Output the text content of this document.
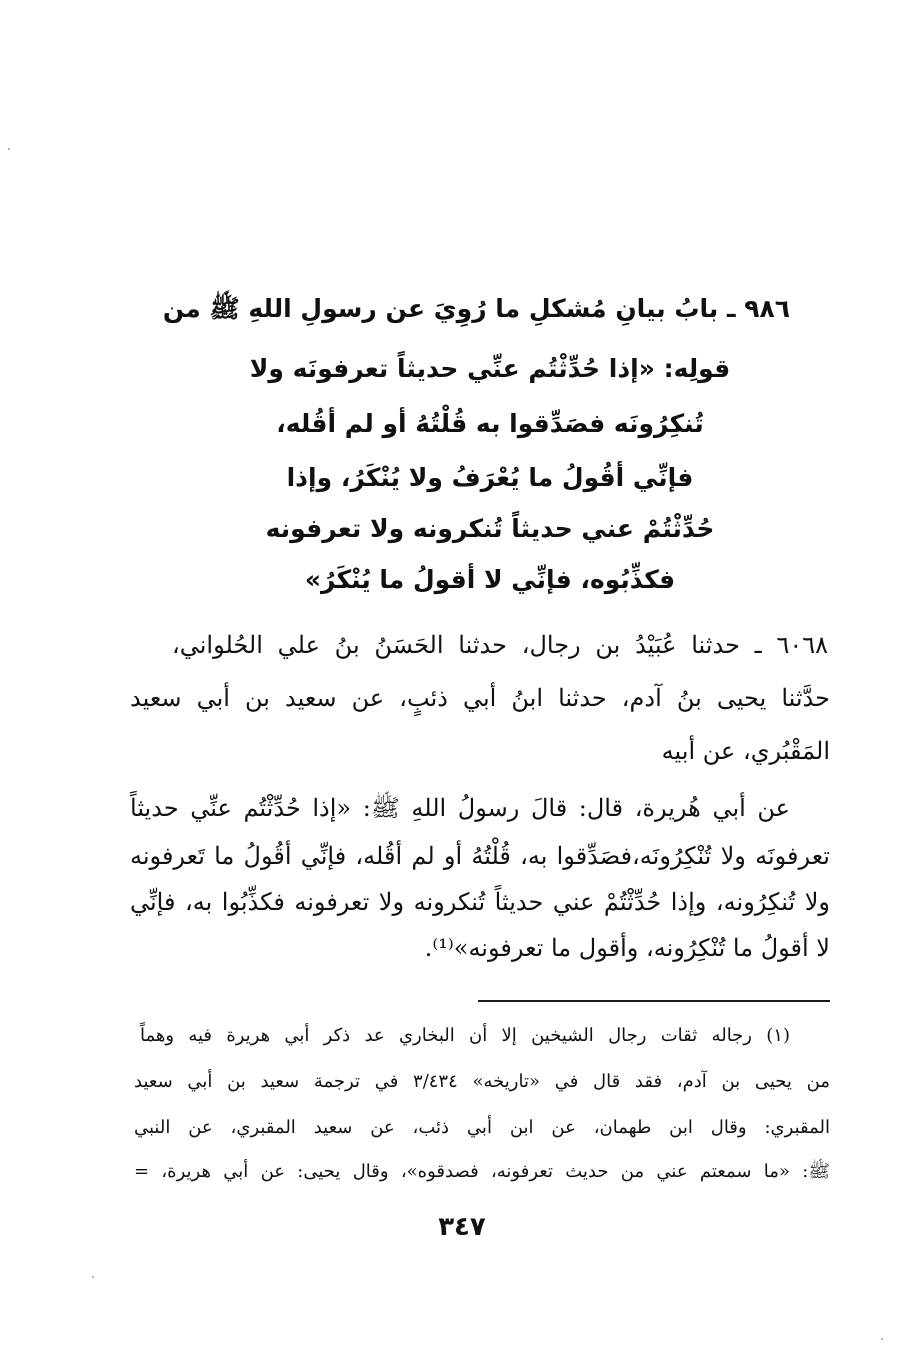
٩٨٦ ـ بابُ بيانِ مُشكلِ ما رُوِيَ عن رسولِ اللهِ ﷺ من
قولِه: «إذا حُدِّثْتُم عنِّي حديثاً تعرفونَه ولا
تُنكِرُونَه فصَدِّقوا به قُلْتُهُ أو لم أقُله،
فإنِّي أقُولُ ما يُعْرَفُ ولا يُنْكَرُ، وإذا
حُدِّثْتُمْ عني حديثاً تُنكرونه ولا تعرفونه
فكذِّبُوه، فإنِّي لا أقولُ ما يُنْكَرُ»
٦٠٦٨ ـ حدثنا عُبَيْدُ بن رجال، حدثنا الحَسَنُ بنُ علي الحُلواني،
حدَّثنا يحيى بنُ آدم، حدثنا ابنُ أبي ذئبٍ، عن سعيد بن أبي سعيد
المَقْبُري، عن أبيه
عن أبي هُريرة، قال: قالَ رسولُ اللهِ ﷺ: «إذا حُدِّثْتُم عنِّي حديثاً
تعرفونَه ولا تُنْكِرُونَه،فصَدِّقوا به، قُلْتُهُ أو لم أقُله، فإنِّي أقُولُ ما تَعرفونه
ولا تُنكِرُونه، وإذا حُدِّثْتُمْ عني حديثاً تُنكرونه ولا تعرفونه فكذِّبُوا به، فإنِّي
لا أقولُ ما تُنْكِرُونه، وأقول ما تعرفونه»⁽¹⁾.
(١) رجاله ثقات رجال الشيخين إلا أن البخاري عد ذكر أبي هريرة فيه وهماً
من يحيى بن آدم، فقد قال في «تاريخه» ٣/٤٣٤ في ترجمة سعيد بن أبي سعيد
المقبري: وقال ابن طهمان، عن ابن أبي ذئب، عن سعيد المقبري، عن النبي
ﷺ: «ما سمعتم عني من حديث تعرفونه، فصدقوه»، وقال يحيى: عن أبي هريرة، =
٣٤٧
